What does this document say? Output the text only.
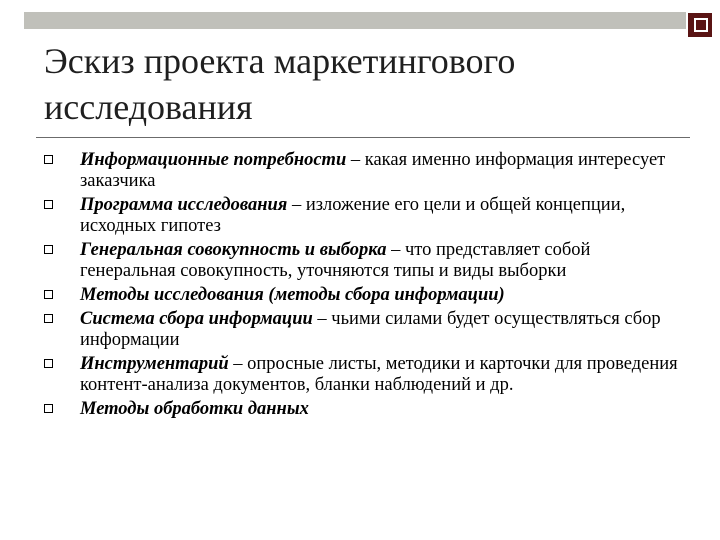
Эскиз проекта маркетингового исследования
Информационные потребности – какая именно информация интересует заказчика
Программа исследования – изложение его цели и общей концепции, исходных гипотез
Генеральная совокупность и выборка – что представляет собой генеральная совокупность, уточняются типы и виды выборки
Методы исследования (методы сбора информации)
Система сбора информации – чьими силами будет осуществляться сбор информации
Инструментарий – опросные листы, методики и карточки для проведения контент-анализа документов, бланки наблюдений и др.
Методы обработки данных
